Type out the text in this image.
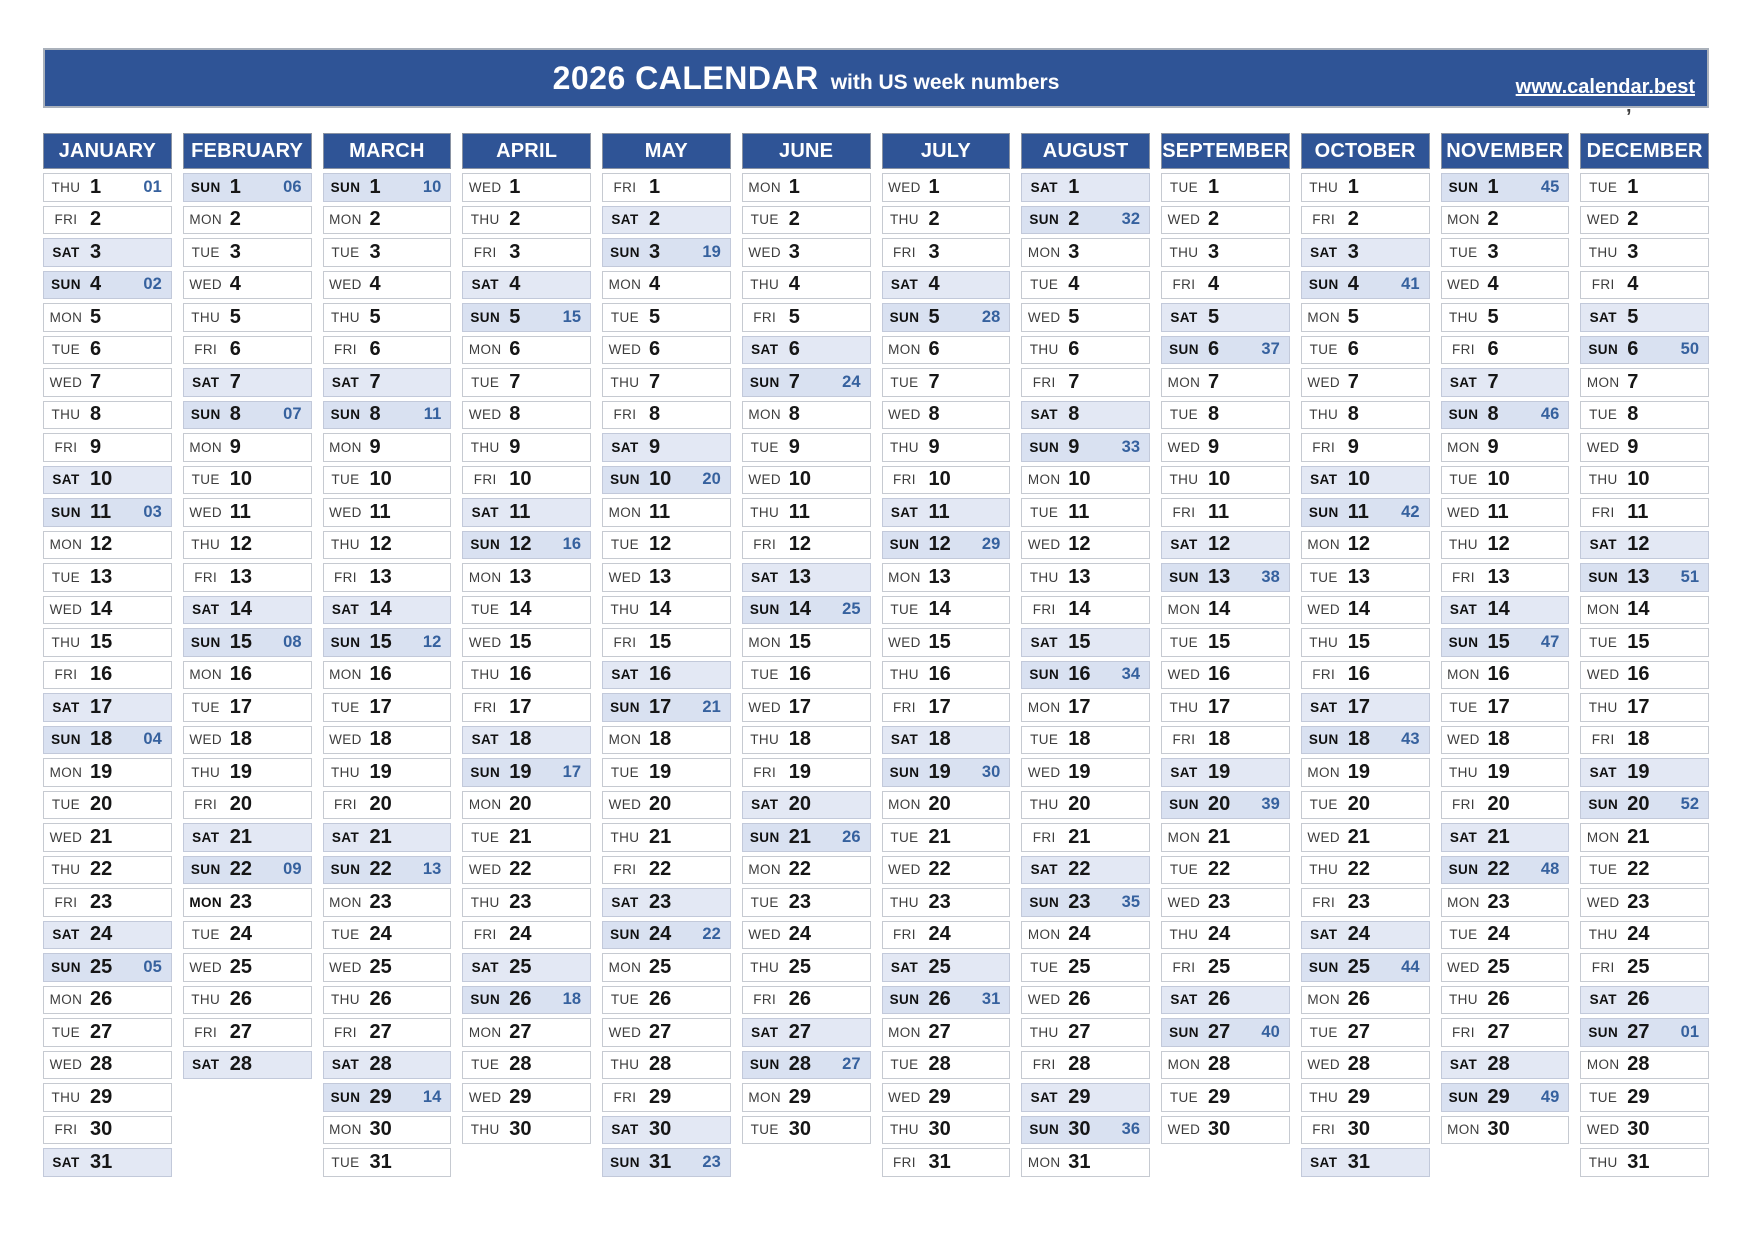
2026 CALENDAR with US week numbers	www.calendar.best
’
JANUARY
THU 1	01
FRI 2
SAT 3
SUN 4	02
MON 5
TUE 6
WED 7
THU 8
FRI 9
SAT 10
SUN 11 03
MON 12
TUE 13
WED 14
THU 15
FRI 16
SAT 17
SUN 18 04
MON 19
TUE 20
WED 21
THU 22
FRI 23
SAT 24
SUN 25 05
MON 26
TUE 27
WED 28
THU 29
FRI 30
SAT 31
FEBRUARY
SUN 1	06
MON 2
TUE 3
WED 4
THU 5
FRI 6
SAT 7
SUN 8	07
MON 9
TUE 10
WED 11
THU 12
FRI 13
SAT 14
SUN 15 08
MON 16
TUE 17
WED 18
THU 19
FRI 20
SAT 21
SUN 22 09
MON 23
TUE 24
WED 25
THU 26
FRI 27
SAT 28
MARCH
SUN 1	10
MON 2
TUE 3
WED 4
THU 5
FRI 6
SAT 7
SUN 8	11
MON 9
TUE 10
WED 11
THU 12
FRI 13
SAT 14
SUN 15 12
MON 16
TUE 17
WED 18
THU 19
FRI 20
SAT 21
SUN 22 13
MON 23
TUE 24
WED 25
THU 26
FRI 27
SAT 28
SUN 29 14
MON 30
TUE 31
APRIL
WED 1
THU 2
FRI 3
SAT 4
SUN 5	15
MON 6
TUE 7
WED 8
THU 9
FRI 10
SAT 11
SUN 12 16
MON 13
TUE 14
WED 15
THU 16
FRI 17
SAT 18
SUN 19 17
MON 20
TUE 21
WED 22
THU 23
FRI 24
SAT 25
SUN 26 18
MON 27
TUE 28
WED 29
THU 30
MAY
FRI 1
SAT 2
SUN 3	19
MON 4
TUE 5
WED 6
THU 7
FRI 8
SAT 9
SUN 10 20
MON 11
TUE 12
WED 13
THU 14
FRI 15
SAT 16
SUN 17 21
MON 18
TUE 19
WED 20
THU 21
FRI 22
SAT 23
SUN 24 22
MON 25
TUE 26
WED 27
THU 28
FRI 29
SAT 30
SUN 31 23
JUNE
MON 1
TUE 2
WED 3
THU 4
FRI 5
SAT 6
SUN 7	24
MON 8
TUE 9
WED 10
THU 11
FRI 12
SAT 13
SUN 14 25
MON 15
TUE 16
WED 17
THU 18
FRI 19
SAT 20
SUN 21 26
MON 22
TUE 23
WED 24
THU 25
FRI 26
SAT 27
SUN 28 27
MON 29
TUE 30
JULY
WED 1
THU 2
FRI 3
SAT 4
SUN 5	28
MON 6
TUE 7
WED 8
THU 9
FRI 10
SAT 11
SUN 12 29
MON 13
TUE 14
WED 15
THU 16
FRI 17
SAT 18
SUN 19 30
MON 20
TUE 21
WED 22
THU 23
FRI 24
SAT 25
SUN 26 31
MON 27
TUE 28
WED 29
THU 30
FRI 31
AUGUST
SAT 1
SUN 2	32
MON 3
TUE 4
WED 5
THU 6
FRI 7
SAT 8
SUN 9	33
MON 10
TUE 11
WED 12
THU 13
FRI 14
SAT 15
SUN 16 34
MON 17
TUE 18
WED 19
THU 20
FRI 21
SAT 22
SUN 23 35
MON 24
TUE 25
WED 26
THU 27
FRI 28
SAT 29
SUN 30 36
MON 31
SEPTEMBER
TUE 1
WED 2
THU 3
FRI 4
SAT 5
SUN 6	37
MON 7
TUE 8
WED 9
THU 10
FRI 11
SAT 12
SUN 13 38
MON 14
TUE 15
WED 16
THU 17
FRI 18
SAT 19
SUN 20 39
MON 21
TUE 22
WED 23
THU 24
FRI 25
SAT 26
SUN 27 40
MON 28
TUE 29
WED 30
OCTOBER
THU 1
FRI 2
SAT 3
SUN 4	41
MON 5
TUE 6
WED 7
THU 8
FRI 9
SAT 10
SUN 11 42
MON 12
TUE 13
WED 14
THU 15
FRI 16
SAT 17
SUN 18 43
MON 19
TUE 20
WED 21
THU 22
FRI 23
SAT 24
SUN 25 44
MON 26
TUE 27
WED 28
THU 29
FRI 30
SAT 31
NOVEMBER
SUN 1	45
MON 2
TUE 3
WED 4
THU 5
FRI 6
SAT 7
SUN 8	46
MON 9
TUE 10
WED 11
THU 12
FRI 13
SAT 14
SUN 15 47
MON 16
TUE 17
WED 18
THU 19
FRI 20
SAT 21
SUN 22 48
MON 23
TUE 24
WED 25
THU 26
FRI 27
SAT 28
SUN 29 49
MON 30
DECEMBER
TUE 1
WED 2
THU 3
FRI 4
SAT 5
SUN 6	50
MON 7
TUE 8
WED 9
THU 10
FRI 11
SAT 12
SUN 13 51
MON 14
TUE 15
WED 16
THU 17
FRI 18
SAT 19
SUN 20 52
MON 21
TUE 22
WED 23
THU 24
FRI 25
SAT 26
SUN 27 01
MON 28
TUE 29
WED 30
THU 31
